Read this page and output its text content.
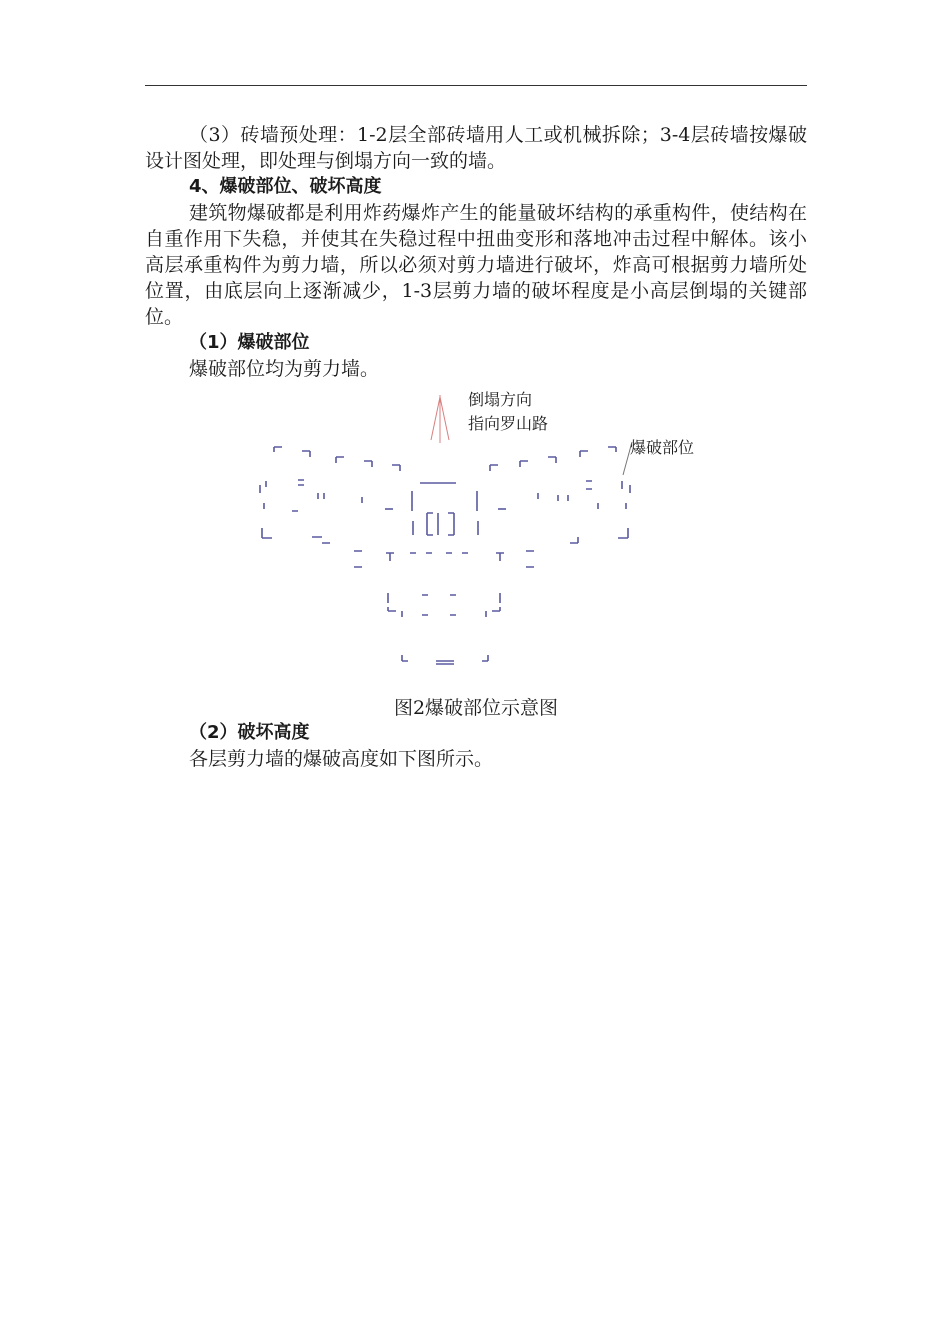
（3）砖墙预处理：1-2层全部砖墙用人工或机械拆除；3-4层砖墙按爆破设计图处理，即处理与倒塌方向一致的墙。

4、爆破部位、破坏高度

建筑物爆破都是利用炸药爆炸产生的能量破坏结构的承重构件，使结构在自重作用下失稳，并使其在失稳过程中扭曲变形和落地冲击过程中解体。该小高层承重构件为剪力墙，所以必须对剪力墙进行破坏，炸高可根据剪力墙所处位置，由底层向上逐渐减少，1-3层剪力墙的破坏程度是小高层倒塌的关键部位。

（1）爆破部位

爆破部位均为剪力墙。

倒塌方向
指向罗山路
爆破部位
图2爆破部位示意图

（2）破坏高度

各层剪力墙的爆破高度如下图所示。
